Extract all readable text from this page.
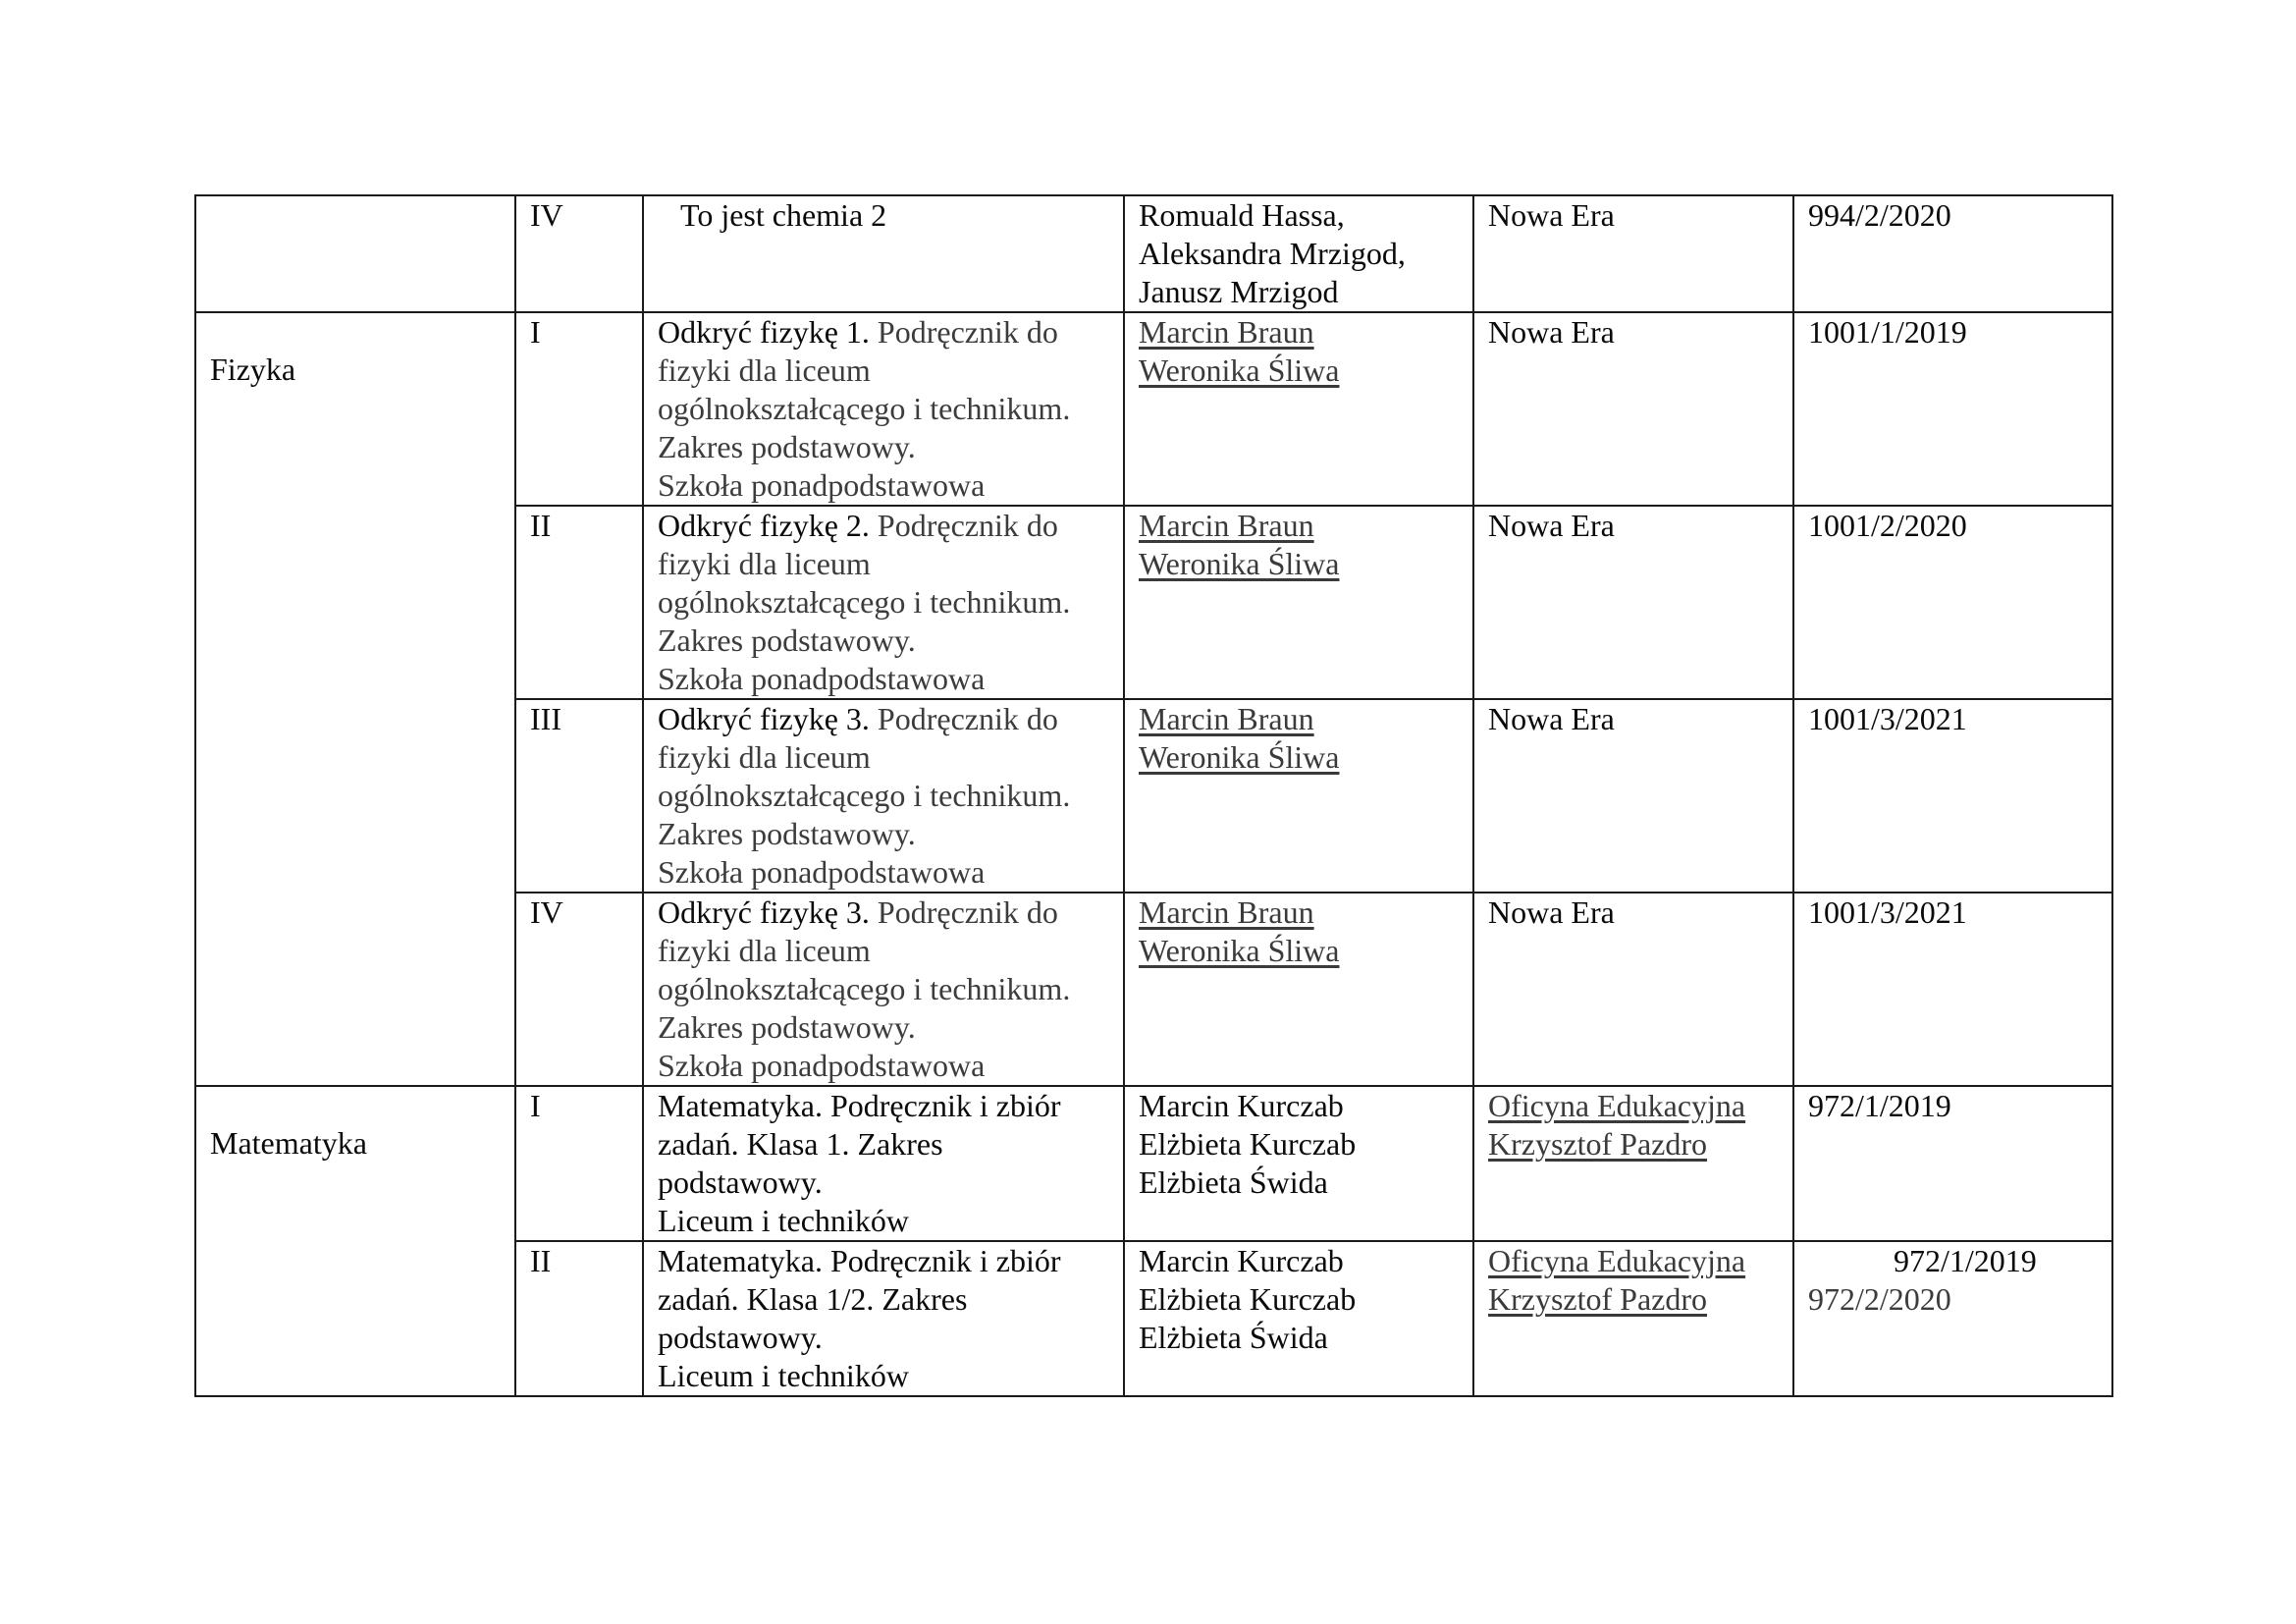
	IV	To jest chemia 2	Romuald Hassa,
Aleksandra Mrzigod,
Janusz Mrzigod	Nowa Era	994/2/2020

Fizyka	I	Odkryć fizykę 1. Podręcznik do
fizyki dla liceum
ogólnokształcącego i technikum.
Zakres podstawowy.
Szkoła ponadpodstawowa	Marcin Braun
Weronika Śliwa	Nowa Era	1001/1/2019

	II	Odkryć fizykę 2. Podręcznik do
fizyki dla liceum
ogólnokształcącego i technikum.
Zakres podstawowy.
Szkoła ponadpodstawowa	Marcin Braun
Weronika Śliwa	Nowa Era	1001/2/2020

	III	Odkryć fizykę 3. Podręcznik do
fizyki dla liceum
ogólnokształcącego i technikum.
Zakres podstawowy.
Szkoła ponadpodstawowa	Marcin Braun
Weronika Śliwa	Nowa Era	1001/3/2021

	IV	Odkryć fizykę 3. Podręcznik do
fizyki dla liceum
ogólnokształcącego i technikum.
Zakres podstawowy.
Szkoła ponadpodstawowa	Marcin Braun
Weronika Śliwa	Nowa Era	1001/3/2021

Matematyka	I	Matematyka. Podręcznik i zbiór
zadań. Klasa 1. Zakres
podstawowy.
Liceum i techników	Marcin Kurczab
Elżbieta Kurczab
Elżbieta Świda	Oficyna Edukacyjna
Krzysztof Pazdro	972/1/2019

	II	Matematyka. Podręcznik i zbiór
zadań. Klasa 1/2. Zakres
podstawowy.
Liceum i techników	Marcin Kurczab
Elżbieta Kurczab
Elżbieta Świda	Oficyna Edukacyjna
Krzysztof Pazdro	972/1/2019
972/2/2020
